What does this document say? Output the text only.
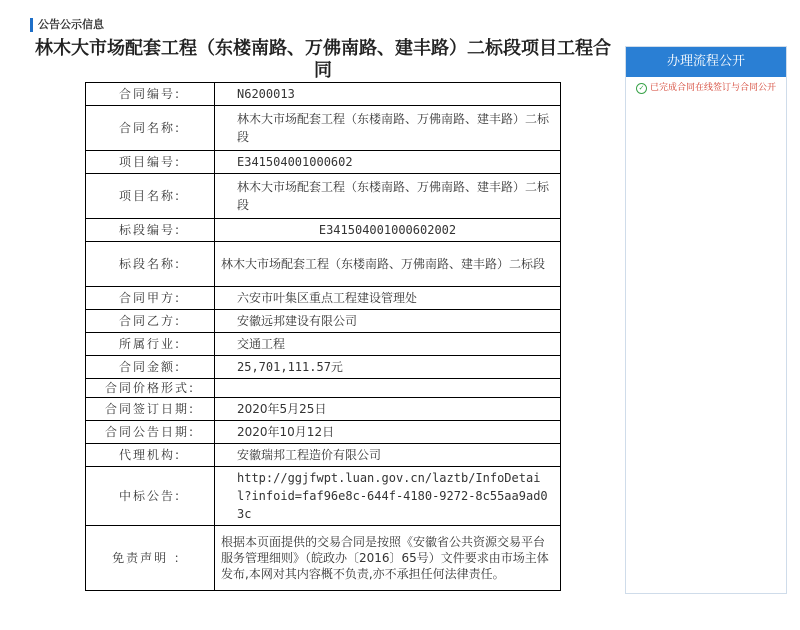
公告公示信息
林木大市场配套工程（东楼南路、万佛南路、建丰路）二标段项目工程合同
合同编号:	N6200013
合同名称:	林木大市场配套工程（东楼南路、万佛南路、建丰路）二标段
项目编号:	E341504001000602
项目名称:	林木大市场配套工程（东楼南路、万佛南路、建丰路）二标段
标段编号:	E341504001000602002
标段名称:	林木大市场配套工程（东楼南路、万佛南路、建丰路）二标段
合同甲方:	六安市叶集区重点工程建设管理处
合同乙方:	安徽远邦建设有限公司
所属行业:	交通工程
合同金额:	25,701,111.57元
合同价格形式:	
合同签订日期:	2020年5月25日
合同公告日期:	2020年10月12日
代理机构:	安徽瑞邦工程造价有限公司
中标公告:	http://ggjfwpt.luan.gov.cn/laztb/InfoDetail?infoid=faf96e8c-644f-4180-9272-8c55aa9ad03c
免责声明 ：	根据本页面提供的交易合同是按照《安徽省公共资源交易平台服务管理细则》（皖政办〔2016〕65号）文件要求由市场主体发布,本网对其内容概不负责,亦不承担任何法律责任。
办理流程公开
✓ 已完成合同在线签订与合同公开
